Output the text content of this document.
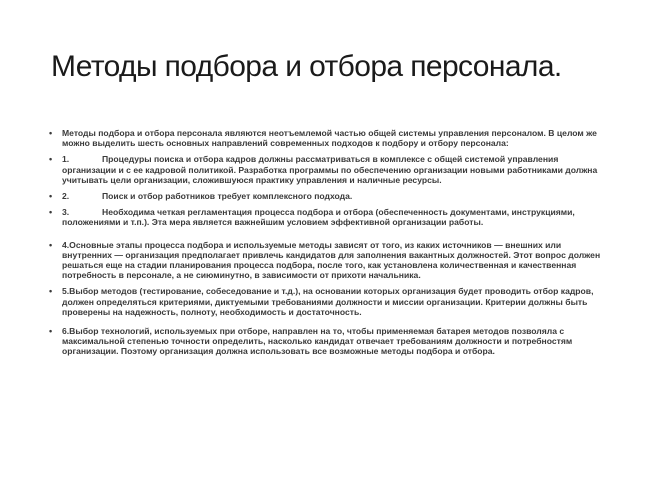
Методы подбора и отбора персонала.
• Методы подбора и отбора персонала являются неотъемлемой частью общей системы управления персоналом. В целом же можно выделить шесть основных направлений современных подходов к подбору и отбору персонала:
• 1.	Процедуры поиска и отбора кадров должны рассматриваться в комплексе с общей системой управления организации и с ее кадровой политикой. Разработка программы по обеспечению организации новыми работниками должна учитывать цели организации, сложившуюся практику управления и наличные ресурсы.
• 2.	Поиск и отбор работников требует комплексного подхода.
• 3.	Необходима четкая регламентация процесса подбора и отбора (обеспеченность документами, инструкциями, положениями и т.п.). Эта мера является важнейшим условием эффективной организации работы.
• 4.Основные этапы процесса подбора и используемые методы зависят от того, из каких источников — внешних или внутренних — организация предполагает привлечь кандидатов для заполнения вакантных должностей. Этот вопрос должен решаться еще на стадии планирования процесса подбора, после того, как установлена количественная и качественная потребность в персонале, а не сиюминутно, в зависимости от прихоти начальника.
• 5.Выбор методов (тестирование, собеседование и т.д.), на основании которых организация будет проводить отбор кадров, должен определяться критериями, диктуемыми требованиями должности и миссии организации. Критерии должны быть проверены на надежность, полноту, необходимость и достаточность.
• 6.Выбор технологий, используемых при отборе, направлен на то, чтобы применяемая батарея методов позволяла с максимальной степенью точности определить, насколько кандидат отвечает требованиям должности и потребностям организации. Поэтому организация должна использовать все возможные методы подбора и отбора.
